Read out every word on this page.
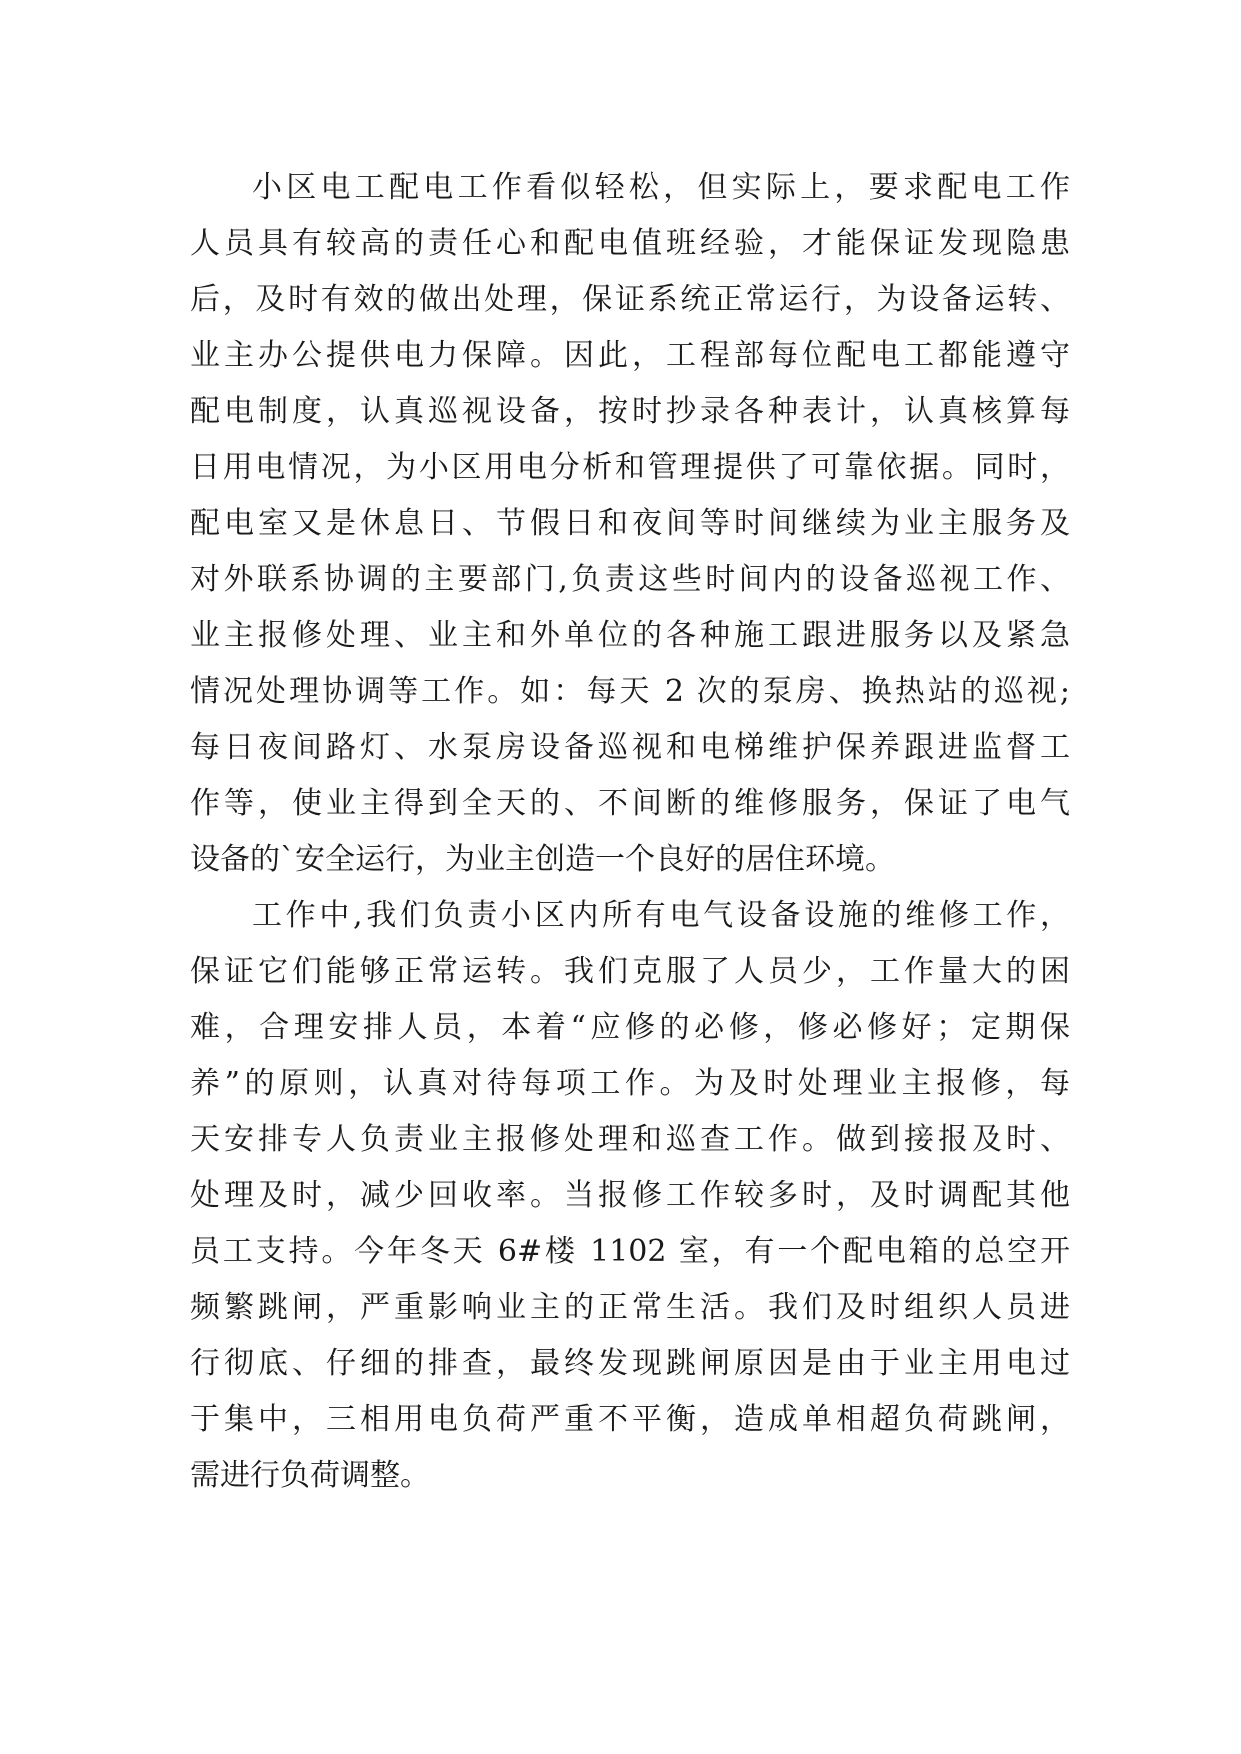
小区电工配电工作看似轻松，但实际上，要求配电工作
人员具有较高的责任心和配电值班经验，才能保证发现隐患
后，及时有效的做出处理，保证系统正常运行，为设备运转、
业主办公提供电力保障。因此，工程部每位配电工都能遵守
配电制度，认真巡视设备，按时抄录各种表计，认真核算每
日用电情况，为小区用电分析和管理提供了可靠依据。同时，
配电室又是休息日、节假日和夜间等时间继续为业主服务及
对外联系协调的主要部门,负责这些时间内的设备巡视工作、
业主报修处理、业主和外单位的各种施工跟进服务以及紧急
情况处理协调等工作。如：每天 2 次的泵房、换热站的巡视;
每日夜间路灯、水泵房设备巡视和电梯维护保养跟进监督工
作等，使业主得到全天的、不间断的维修服务，保证了电气
设备的`安全运行，为业主创造一个良好的居住环境。
工作中,我们负责小区内所有电气设备设施的维修工作，
保证它们能够正常运转。我们克服了人员少，工作量大的困
难，合理安排人员，本着“应修的必修，修必修好；定期保
养”的原则，认真对待每项工作。为及时处理业主报修，每
天安排专人负责业主报修处理和巡查工作。做到接报及时、
处理及时，减少回收率。当报修工作较多时，及时调配其他
员工支持。今年冬天 6#楼 1102 室，有一个配电箱的总空开
频繁跳闸，严重影响业主的正常生活。我们及时组织人员进
行彻底、仔细的排查，最终发现跳闸原因是由于业主用电过
于集中，三相用电负荷严重不平衡，造成单相超负荷跳闸，
需进行负荷调整。
